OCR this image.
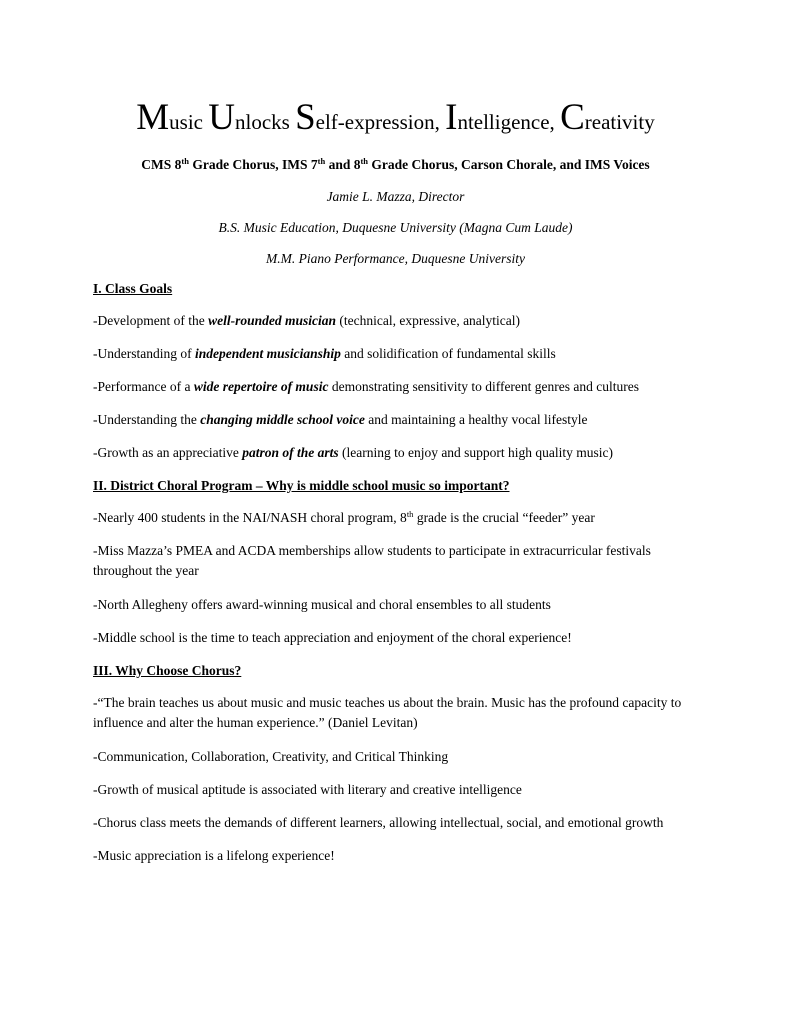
Music Unlocks Self-expression, Intelligence, Creativity
CMS 8th Grade Chorus, IMS 7th and 8th Grade Chorus, Carson Chorale, and IMS Voices
Jamie L. Mazza, Director
B.S. Music Education, Duquesne University (Magna Cum Laude)
M.M. Piano Performance, Duquesne University
I. Class Goals
-Development of the well-rounded musician (technical, expressive, analytical)
-Understanding of independent musicianship and solidification of fundamental skills
-Performance of a wide repertoire of music demonstrating sensitivity to different genres and cultures
-Understanding the changing middle school voice and maintaining a healthy vocal lifestyle
-Growth as an appreciative patron of the arts (learning to enjoy and support high quality music)
II. District Choral Program – Why is middle school music so important?
-Nearly 400 students in the NAI/NASH choral program, 8th grade is the crucial “feeder” year
-Miss Mazza’s PMEA and ACDA memberships allow students to participate in extracurricular festivals throughout the year
-North Allegheny offers award-winning musical and choral ensembles to all students
-Middle school is the time to teach appreciation and enjoyment of the choral experience!
III. Why Choose Chorus?
-“The brain teaches us about music and music teaches us about the brain. Music has the profound capacity to influence and alter the human experience.” (Daniel Levitan)
-Communication, Collaboration, Creativity, and Critical Thinking
-Growth of musical aptitude is associated with literary and creative intelligence
-Chorus class meets the demands of different learners, allowing intellectual, social, and emotional growth
-Music appreciation is a lifelong experience!
